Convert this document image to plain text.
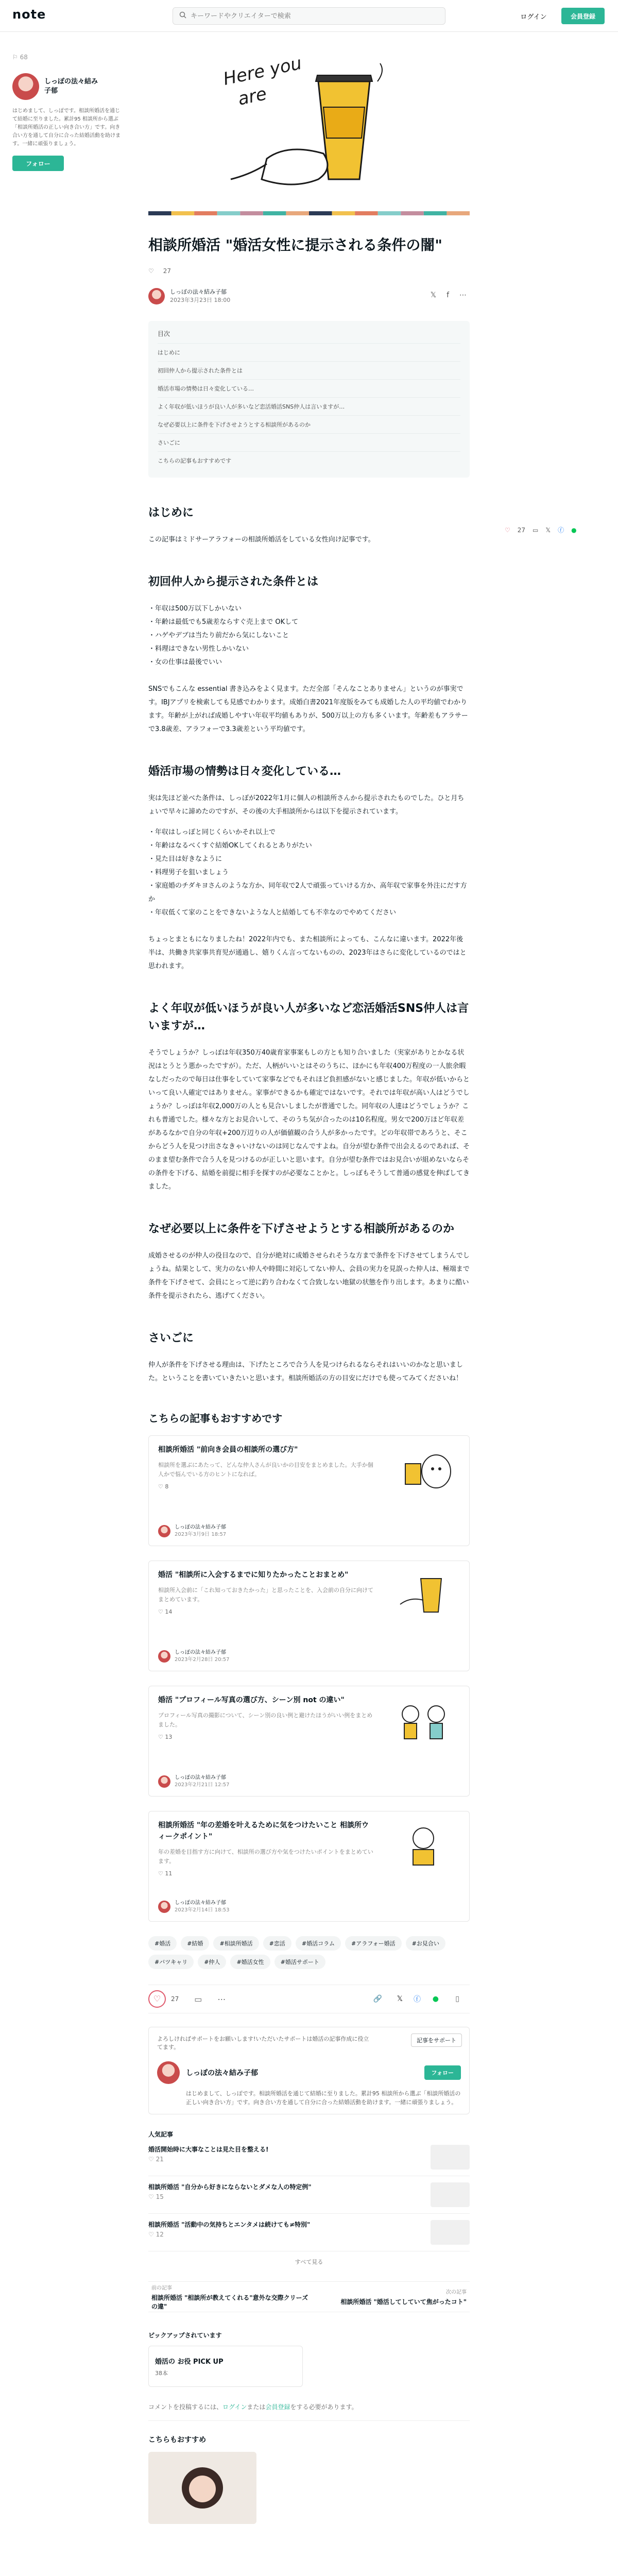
note
キーワードやクリエイターで検索	ログイン	会員登録
⚐ 68
しっぽの法々結み
子郁
はじめまして、しっぽです。相談所婚活を通じて結婚に至りました。累計95 相談所から選ぶ「相談所婚活の正しい向き合い方」です。向き合い方を通して自分に合った結婚活動を助けます。一緒に頑張りましょう。
フォロー
Here you
are
相談所婚活 "婚活女性に提示される条件の闇"
♡ 27
しっぽの法々結み子郁
2023年3月23日 18:00
𝕏 f ⋯
目次
はじめに
初回仲人から提示された条件とは
婚活市場の情勢は日々変化している…
よく年収が低いほうが良い人が多いなど恋活婚活SNS仲人は言いますが…
なぜ必要以上に条件を下げさせようとする相談所があるのか
さいごに
こちらの記事もおすすめです
はじめに

この記事はミドサーアラフォーの相談所婚活をしている女性向け記事です。

初回仲人から提示された条件とは
・ 年収は500万以下しかいない
・ 年齢は最低でも5歳差ならすぐ売上まで OKして
・ ハゲやデブは当たり前だから気にしないこと
・ 料理はできない男性しかいない
・ 女の仕事は最後でいい

SNSでもこんな essential 書き込みをよく見ます。ただ全部「そんなことありません」というのが事実です。IBJアプリを検索しても見感でわかります。成婚白書2021年度版をみても成婚した人の平均値でわかります。年齢が上がれば成婚しやすい年収平均値もありが、500万以上の方も多くいます。年齢差もアラサーで3.8歳差、アラフォーで3.3歳差という平均値です。

婚活市場の情勢は日々変化している…

実は先ほど並べた条件は、しっぽが2022年1月に個人の相談所さんから提示されたものでした。ひと月ちょいで早々に諦めたのですが、その後の大手相談所からは以下を提示されています。

・ 年収はしっぽと同じくらいかそれ以上で
・ 年齢はなるべくすぐ結婚OKしてくれるとありがたい
・ 見た目は好きなように
・ 料理男子を狙いましょう
・ 家庭婚のチダキヨさんのような方か、同年収で2人で頑張っていける方か、高年収で家事を外注にだす方か
・ 年収低くて家のことをできないような人と結婚しても不幸なのでやめてください

ちょっとまともになりましたね！2022年内でも、また相談所によっても、こんなに違います。2022年後半は、共働き共家事共育児が通過し、嬉りくん言ってないものの、2023年はさらに変化しているのではと思われます。

よく年収が低いほうが良い人が多いなど恋活婚活SNS仲人は言いますが…

そうでしょうか？しっぽは年収350万40歳育家事案もしの方とも知り合いました（実家がありとかなる状況はとうとう悪かったですが）。ただ、人柄がいいとはそのうちに、ほかにも年収400万程度の一人旅余暇なしだったので毎日は仕事をしていて家事などでもそれほど負担感がないと感じました。年収が低いからといって良い人確定ではありません。家事ができるかも確定ではないです。それでは年収が高い人はどうでしょうか？しっぽは年収2,000万の人とも見合いしましたが普通でした。同年収の人達はどうでしょうか？これも普通でした。様々な方とお見合いして、そのうち気が合ったのは10名程度。男女で200万ほど年収差があるなかで自分の年収+200万辺りの人が価値観の合う人が多かったです。どの年収帯であろうと、そこからどう人を見つけ出さなきゃいけないのは同じなんですよね。自分が望む条件で出会えるのであれば、そのまま望む条件で合う人を見つけるのが正しいと思います。自分が望む条件ではお見合いが組めないならその条件を下げる、結婚を前提に相手を探すのが必要なことかと。しっぽもそうして普通の感覚を伸ばしてきました。

なぜ必要以上に条件を下げさせようとする相談所があるのか

成婚させるのが仲人の役目なので、自分が絶対に成婚させられそうな方まで条件を下げさせてしまうんでしょうね。結果として、実力のない仲人や時間に対応してない仲人、会員の実力を見誤った仲人は、極端まで条件を下げさせて、会員にとって逆に釣り合わなくて合致しない地獄の状態を作り出します。あまりに酷い条件を提示されたら、逃げてください。

さいごに

仲人が条件を下げさせる理由は、下げたところで合う人を見つけられるならそれはいいのかなと思いました。ということを書いていきたいと思います。相談所婚活の方の目安にだけでも使ってみてくださいね！

こちらの記事もおすすめです
相談所婚活 "前向き会員の相談所の選び方"
相談所を選ぶにあたって、どんな仲人さんが良いかの目安をまとめました。大手か個人かで悩んでいる方のヒントになれば。
♡ 8
しっぽの法々結み子郁
2023年3月9日 18:57
婚活 "相談所に入会するまでに知りたかったことおまとめ"
相談所入会前に「これ知っておきたかった」と思ったことを、入会前の自分に向けてまとめています。
♡ 14
しっぽの法々結み子郁
2023年2月28日 20:57
婚活 "プロフィール写真の選び方、シーン別 not の違い"
プロフィール写真の撮影について、シーン別の良い例と避けたほうがいい例をまとめました。
♡ 13
しっぽの法々結み子郁
2023年2月21日 12:57
相談所婚活 "年の差婚を叶えるために気をつけたいこと 相談所ウィークポイント"
年の差婚を目指す方に向けて、相談所の選び方や気をつけたいポイントをまとめています。
♡ 11
しっぽの法々結み子郁
2023年2月14日 18:53
#婚活	#結婚	#相談所婚活	#恋活	#婚活コラム	#アラフォー婚活	#お見合い
#バツキャリ	#仲人	#婚活女性	#婚活サポート
♡	27 ▭ ⋯	🔗 𝕏 ⓕ ● ▯
よろしければサポートをお願いします!いただいたサポートは婚活の記事作成に役立てます。
記事をサポート
しっぽの法々結み子郁	フォロー
はじめまして、しっぽです。相談所婚活を通じて結婚に至りました。累計95 相談所から選ぶ「相談所婚活の正しい向き合い方」です。向き合い方を通して自分に合った結婚活動を助けます。一緒に頑張りましょう。
人気記事
婚活開始時に大事なことは見た目を整える!
♡ 21
相談所婚活 "自分から好きにならないとダメな人の特定例"
♡ 15
相談所婚活 "活動中の気持ちとエンタメは続けても≠特別"
♡ 12
すべて見る
前の記事
相談所婚活 "相談所が教えてくれる"意外な交際クリーズの違"
次の記事
相談所婚活 "婚活してしていて焦がったコト"
ピックアップされています
婚活の お役 PICK UP
38本
コメントを投稿するには、ログインまたは会員登録をする必要があります。
こちらもおすすめ
♡ 27 ▭ 𝕏 ⓕ ●
